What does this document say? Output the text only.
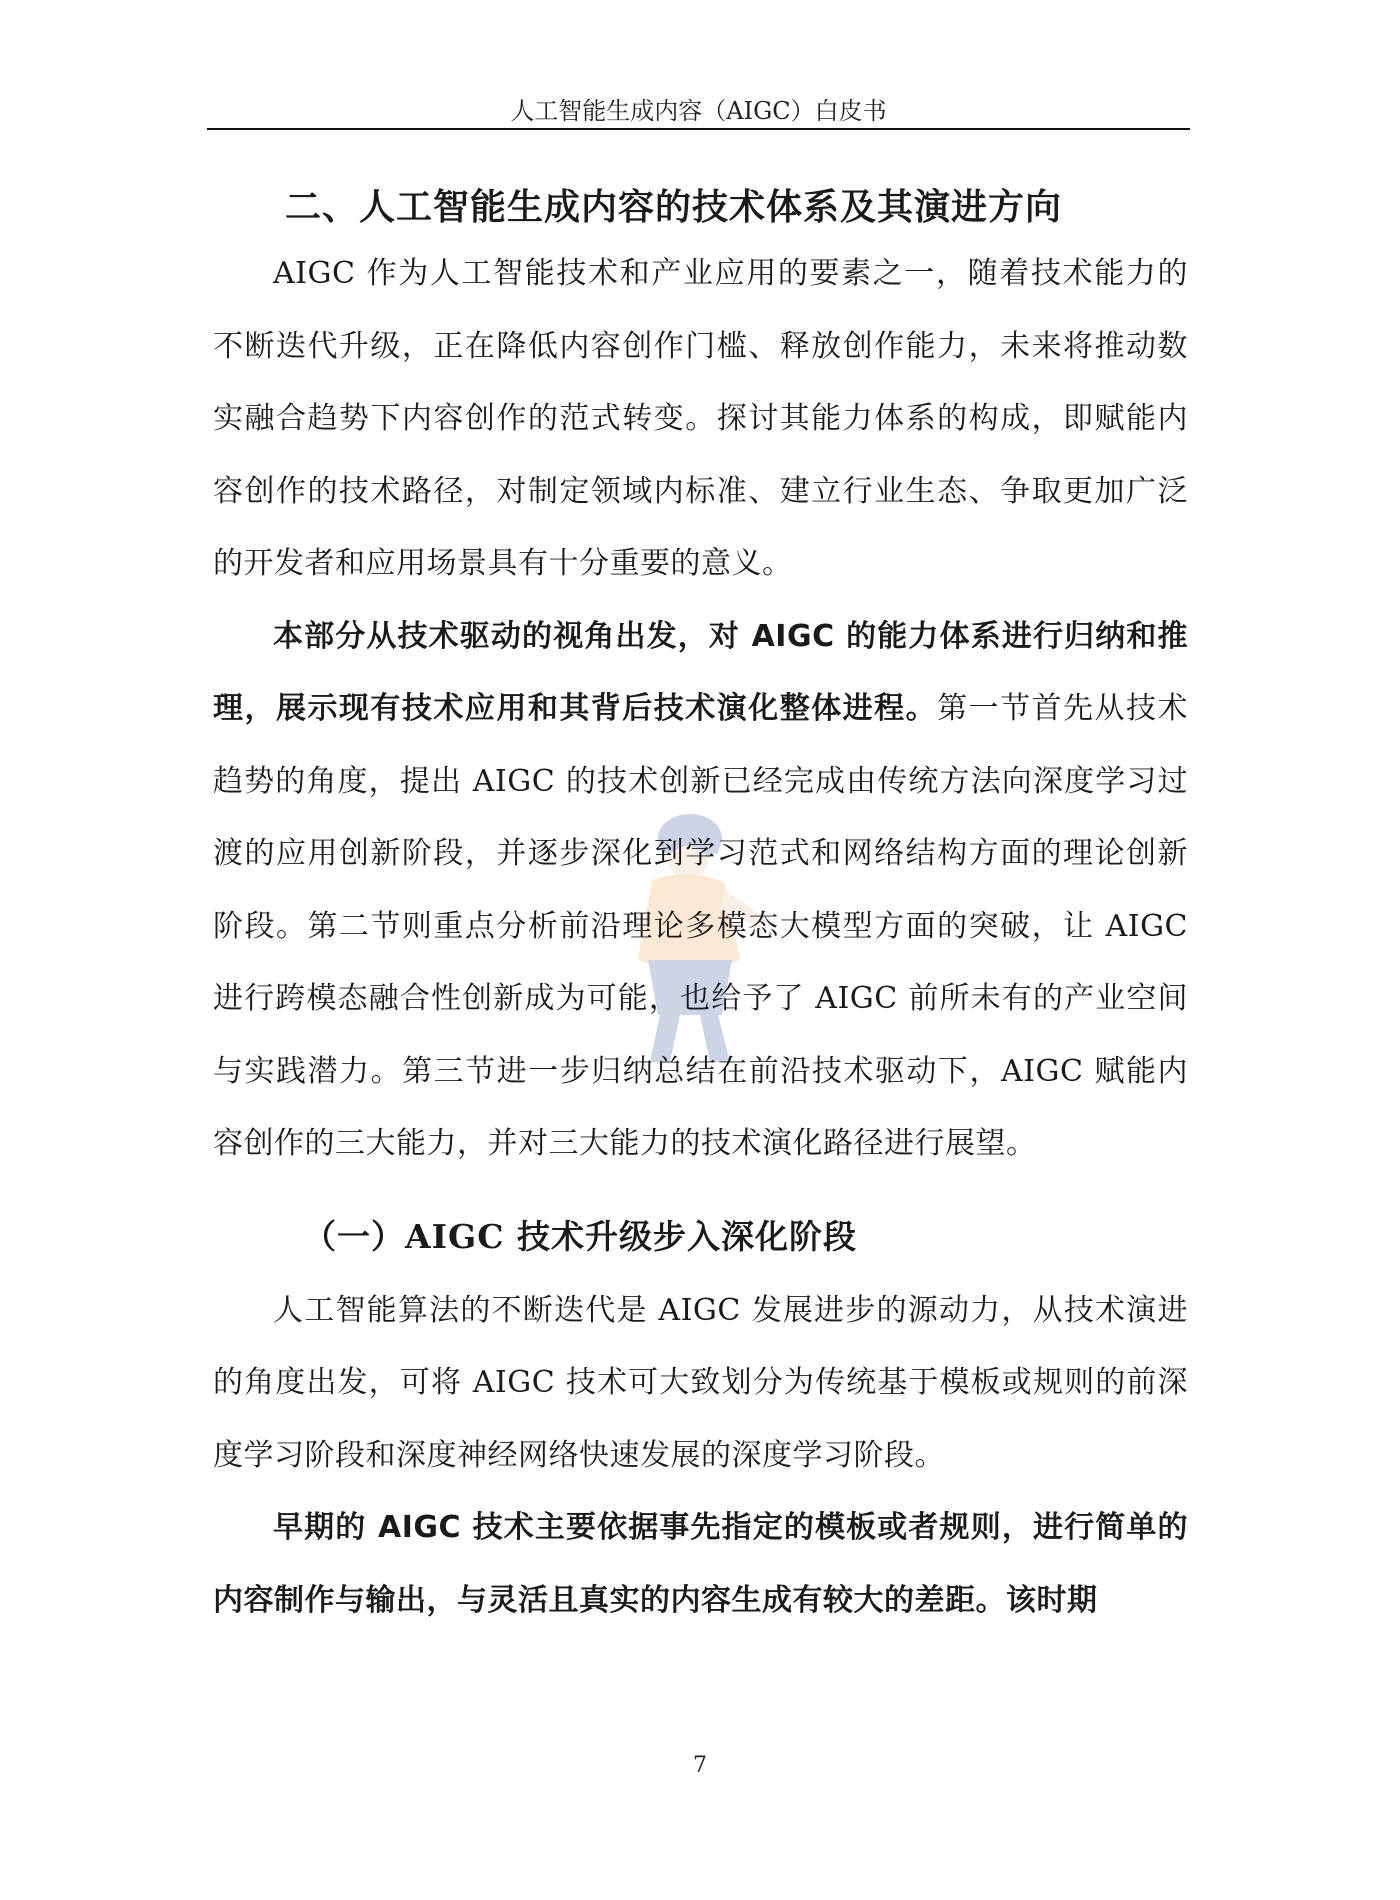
人工智能生成内容（AIGC）白皮书
二、人工智能生成内容的技术体系及其演进方向

AIGC 作为人工智能技术和产业应用的要素之一，随着技术能力的不断迭代升级，正在降低内容创作门槛、释放创作能力，未来将推动数实融合趋势下内容创作的范式转变。探讨其能力体系的构成，即赋能内容创作的技术路径，对制定领域内标准、建立行业生态、争取更加广泛的开发者和应用场景具有十分重要的意义。

本部分从技术驱动的视角出发，对 AIGC 的能力体系进行归纳和推理，展示现有技术应用和其背后技术演化整体进程。第一节首先从技术趋势的角度，提出 AIGC 的技术创新已经完成由传统方法向深度学习过渡的应用创新阶段，并逐步深化到学习范式和网络结构方面的理论创新阶段。第二节则重点分析前沿理论多模态大模型方面的突破，让 AIGC 进行跨模态融合性创新成为可能，也给予了 AIGC 前所未有的产业空间与实践潜力。第三节进一步归纳总结在前沿技术驱动下，AIGC 赋能内容创作的三大能力，并对三大能力的技术演化路径进行展望。

（一）AIGC 技术升级步入深化阶段

人工智能算法的不断迭代是 AIGC 发展进步的源动力，从技术演进的角度出发，可将 AIGC 技术可大致划分为传统基于模板或规则的前深度学习阶段和深度神经网络快速发展的深度学习阶段。

早期的 AIGC 技术主要依据事先指定的模板或者规则，进行简单的内容制作与输出，与灵活且真实的内容生成有较大的差距。该时期

7
